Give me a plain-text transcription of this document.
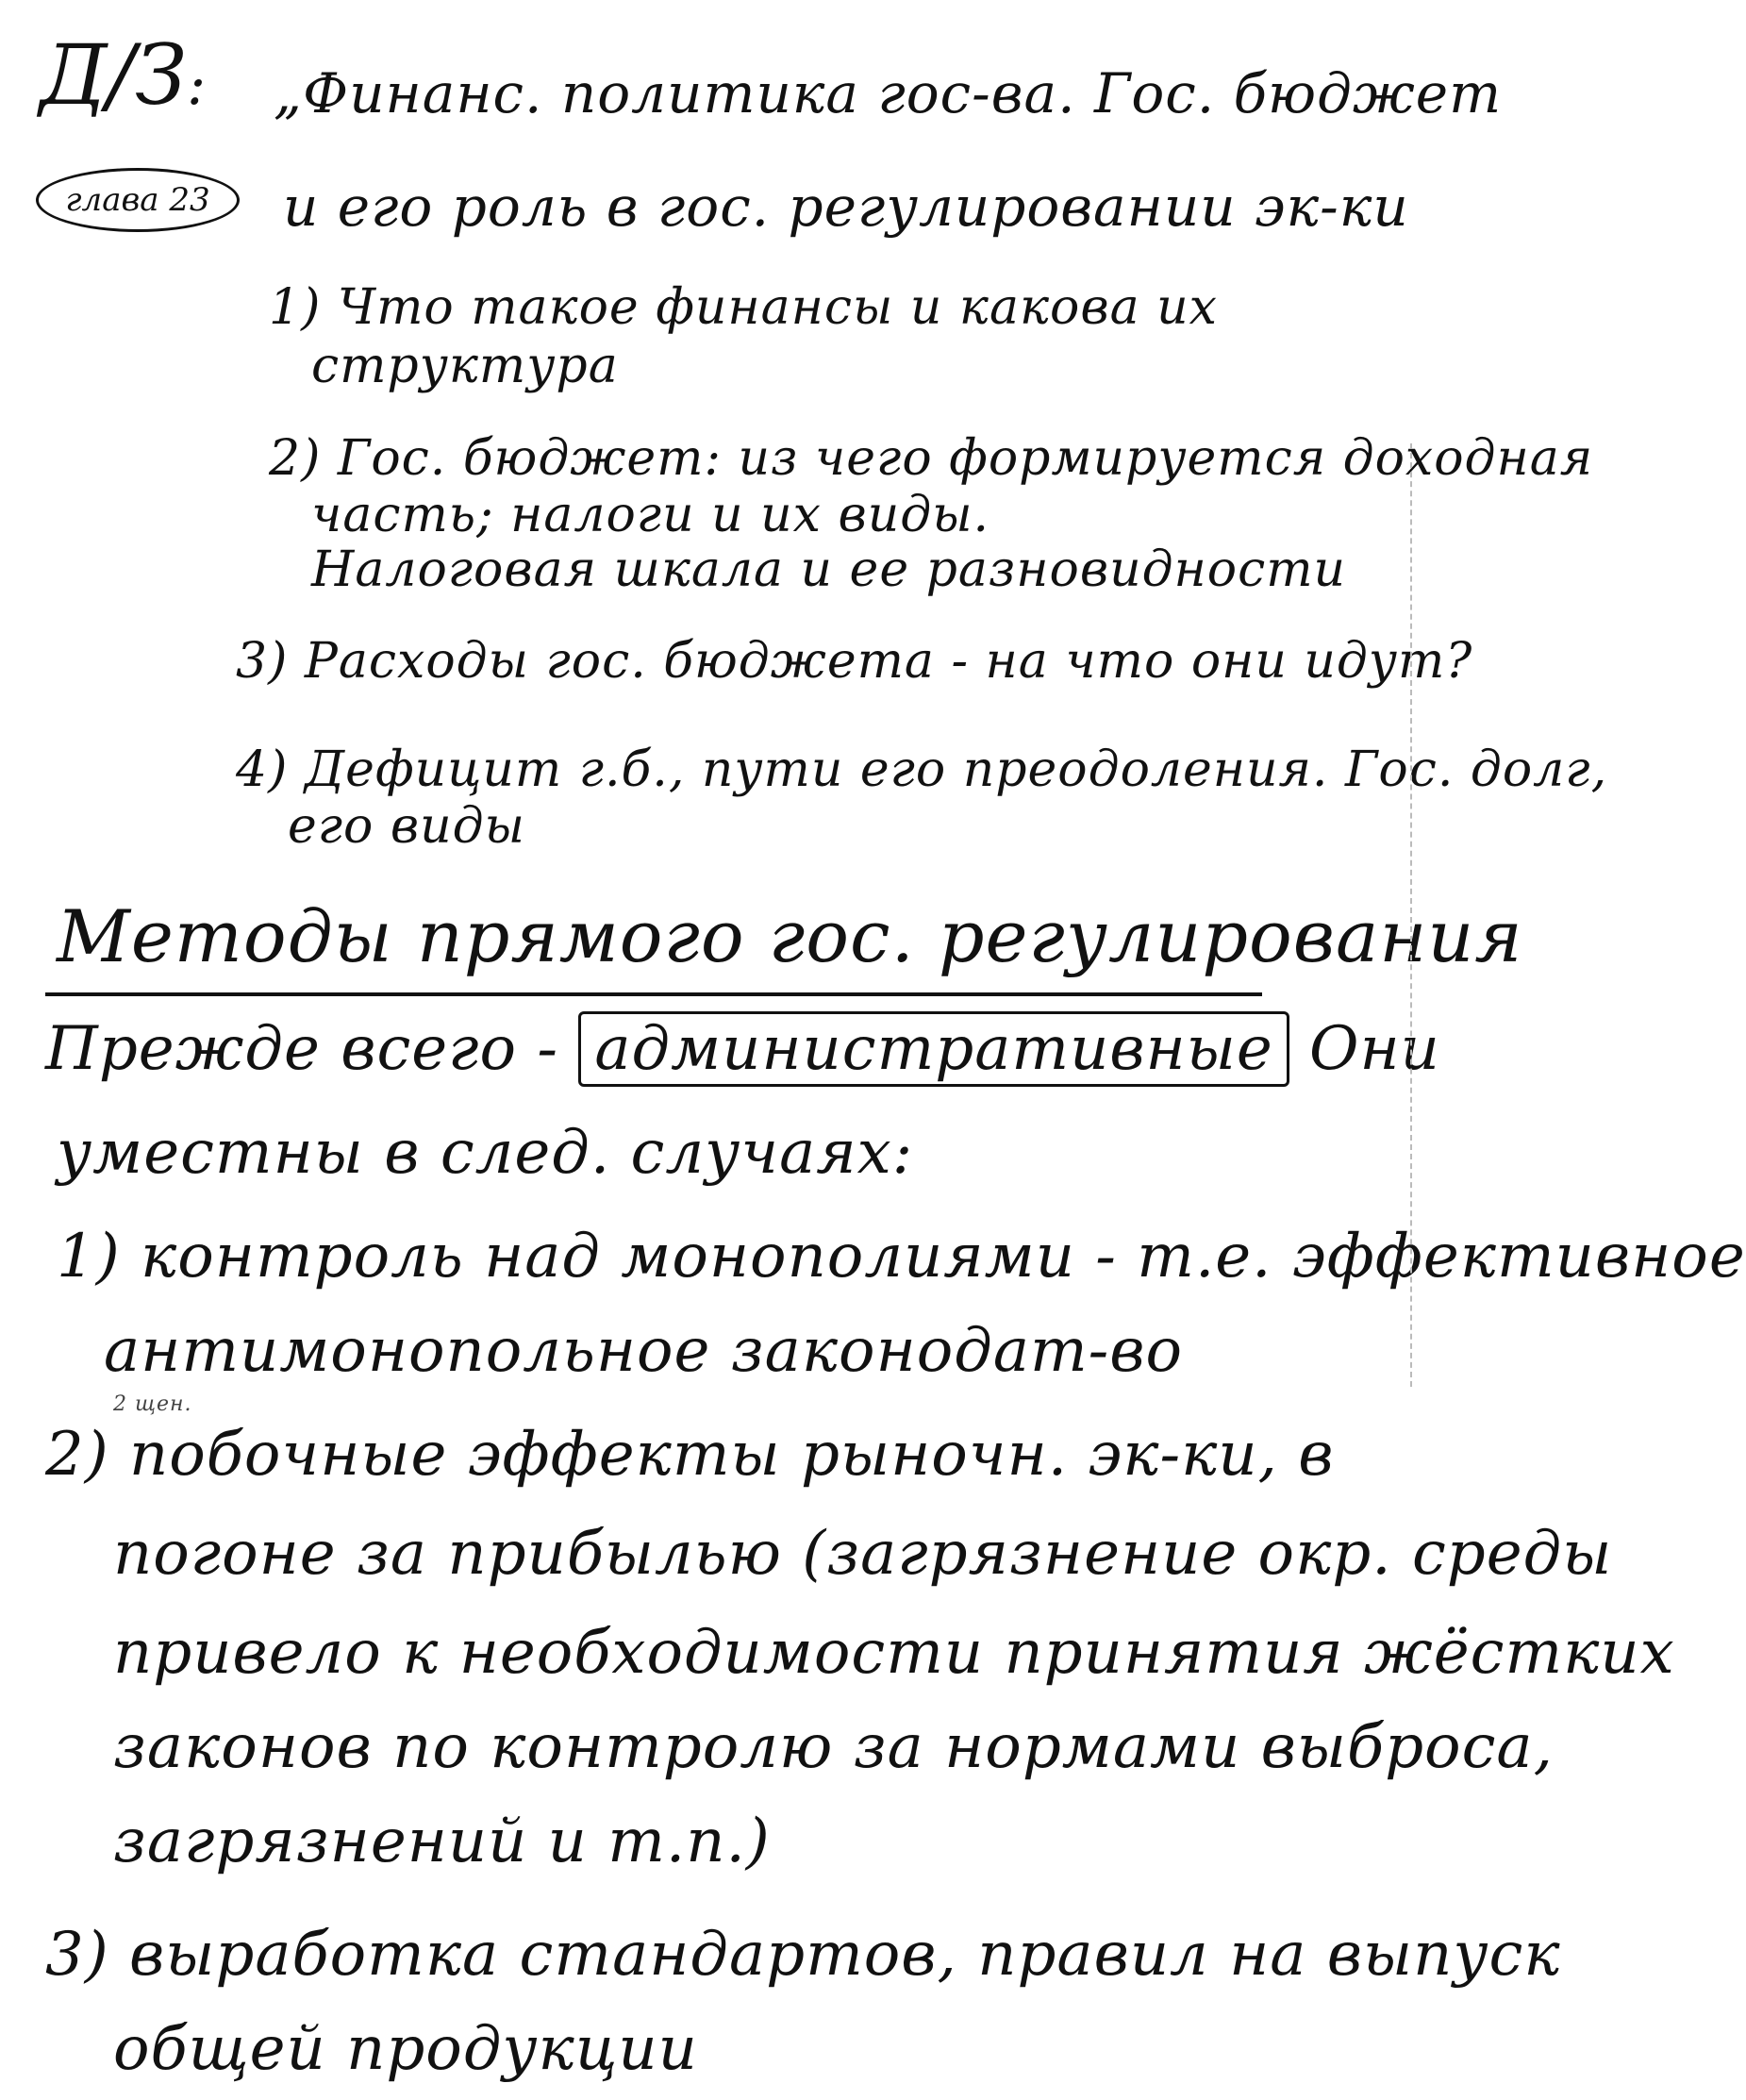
Д/З: „Финанс. политика гос-ва. Гос. бюджет
глава 23	и его роль в гос. регулировании эк-ки
1) Что такое финансы и какова их
структура
2) Гос. бюджет: из чего формируется доходная
часть; налоги и их виды.
Налоговая шкала и ее разновидности
3) Расходы гос. бюджета - на что они идут?
4) Дефицит г.б., пути его преодоления. Гос. долг,
его виды
Методы прямого гос. регулирования
Прежде всего - административные Они
уместны в след. случаях:
1) контроль над монополиями - т.е. эффективное
антимонопольное законодат-во
2 щен.
2) побочные эффекты рыночн. эк-ки, в
погоне за прибылью (загрязнение окр. среды
привело к необходимости принятия жёстких
законов по контролю за нормами выброса,
загрязнений и т.п.)
3) выработка стандартов, правил на выпуск
общей продукции
